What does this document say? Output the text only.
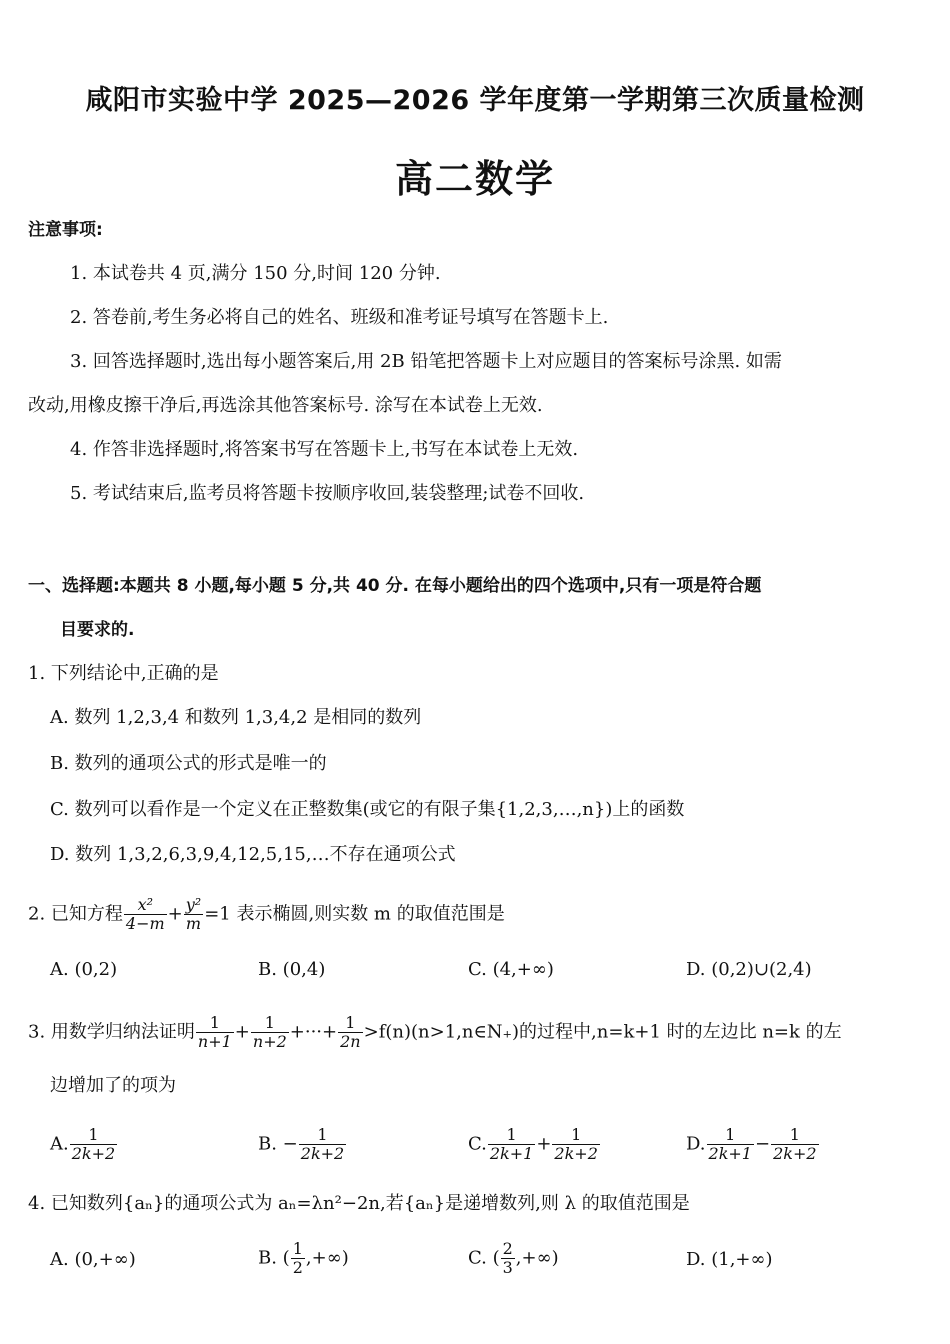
咸阳市实验中学 2025—2026 学年度第一学期第三次质量检测
高二数学
注意事项:
1. 本试卷共 4 页,满分 150 分,时间 120 分钟.
2. 答卷前,考生务必将自己的姓名、班级和准考证号填写在答题卡上.
3. 回答选择题时,选出每小题答案后,用 2B 铅笔把答题卡上对应题目的答案标号涂黑. 如需
改动,用橡皮擦干净后,再选涂其他答案标号. 涂写在本试卷上无效.
4. 作答非选择题时,将答案书写在答题卡上,书写在本试卷上无效.
5. 考试结束后,监考员将答题卡按顺序收回,装袋整理;试卷不回收.
一、选择题:本题共 8 小题,每小题 5 分,共 40 分. 在每小题给出的四个选项中,只有一项是符合题
目要求的.
1. 下列结论中,正确的是
A. 数列 1,2,3,4 和数列 1,3,4,2 是相同的数列
B. 数列的通项公式的形式是唯一的
C. 数列可以看作是一个定义在正整数集(或它的有限子集{1,2,3,…,n})上的函数
D. 数列 1,3,2,6,3,9,4,12,5,15,…不存在通项公式
2. 已知方程 $\frac{\text{x²}}{4-m} + \frac{\text{y²}}{m} =1$ 表示椭圆,则实数 m 的取值范围是
A. (0,2)	B. (0,4)	C. (4,+∞)	D. (0,2)∪(2,4)
3. 用数学归纳法证明 $\frac{1}{n+1} + \frac{1}{n+2}$ +···+ $\frac{1}{2n}$ >f(n)(n>1,n∈N₊)的过程中,n=k+1 时的左边比 n=k 的左
边增加了的项为
A. $\frac{1}{2k+2}$	B. − $\frac{1}{2k+2}$	C. $\frac{1}{2k+1} + \frac{1}{2k+2}$	D. $\frac{1}{2k+1} - \frac{1}{2k+2}$
4. 已知数列{aₙ}的通项公式为 aₙ=λn²−2n,若{aₙ}是递增数列,则 λ 的取值范围是
A. (0,+∞)	B. ( $\frac{1}{2}$ ,+∞)	C. ( $\frac{2}{3}$ ,+∞)	D. (1,+∞)
